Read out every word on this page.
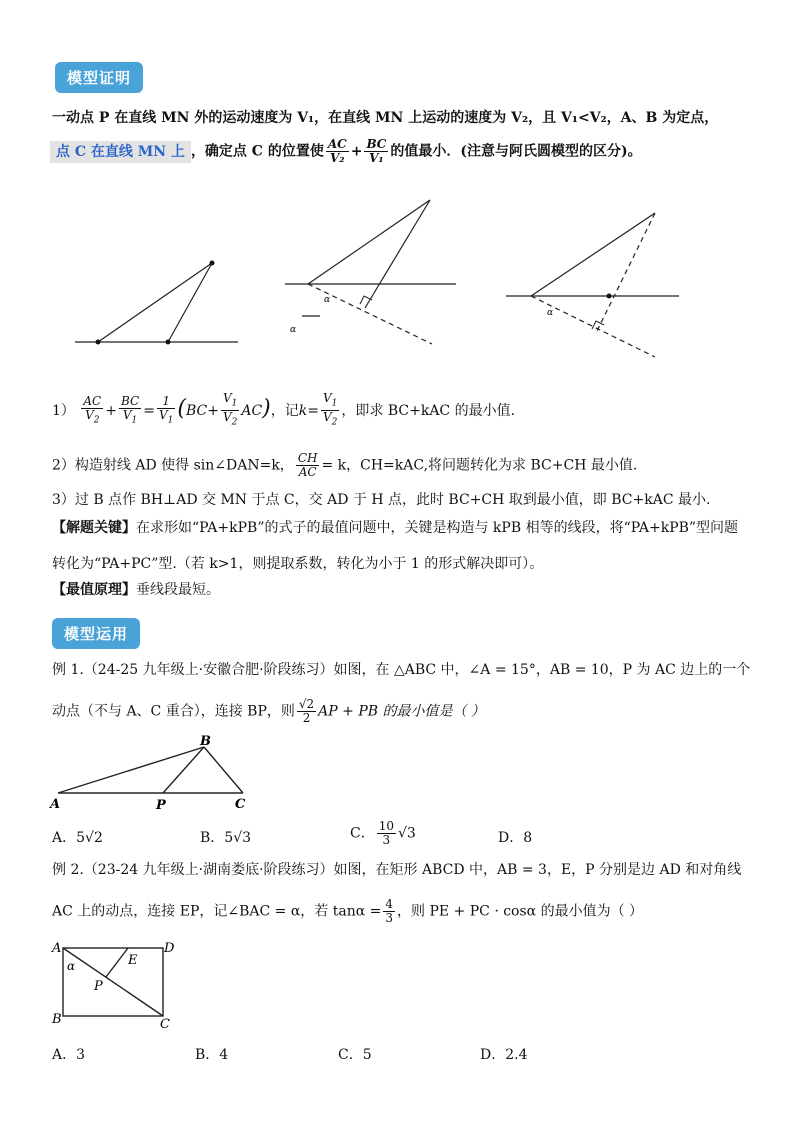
模型证明
一动点 P 在直线 MN 外的运动速度为 V₁，在直线 MN 上运动的速度为 V₂，且 V₁<V₂，A、B 为定点，
点 C 在直线 MN 上 ，确定点 C 的位置使 $\frac{AC}{\text{V₂}} + \frac{BC}{\text{V₁}}$ 的值最小．(注意与阿氏圆模型的区分)。
α
α
α
$1) \frac{AC}{V_2} + \frac{BC}{V_1} = \frac{1}{V_1} (BC+ \frac{V_1}{V_2} AC)$，记$k= \frac{V_1}{V_2}$ ，即求 BC+kAC 的最小值.
2）构造射线 AD 使得 sin∠DAN=k， $\frac{CH}{AC} = k$，CH=kAC,将问题转化为求 BC+CH 最小值.
3）过 B 点作 BH⊥AD 交 MN 于点 C，交 AD 于 H 点，此时 BC+CH 取到最小值，即 BC+kAC 最小.
【解题关键】在求形如“PA+kPB”的式子的最值问题中，关键是构造与 kPB 相等的线段，将“PA+kPB”型问题
转化为“PA+PC”型.（若 k>1，则提取系数，转化为小于 1 的形式解决即可）。
【最值原理】垂线段最短。
模型运用
例 1.（24-25 九年级上·安徽合肥·阶段练习）如图，在 △ABC 中，∠A = 15°，AB = 10，P 为 AC 边上的一个
动点（不与 A、C 重合），连接 BP，则 $\frac{√2}{2}$ AP + PB 的最小值是（ ）
A
B
C
P
A．5√2	B．5√3	C． $\frac{10}{3} √3$	D．8
例 2.（23-24 九年级上·湖南娄底·阶段练习）如图，在矩形 ABCD 中，AB = 3，E，P 分别是边 AD 和对角线
AC 上的动点，连接 EP，记∠BAC = α，若 $\tan\alpha = \frac{4}{3}$ ，则 PE + PC · cosα 的最小值为（ ）
A
B	C
D
E
P
α
A．3	B．4	C．5	D．2.4
